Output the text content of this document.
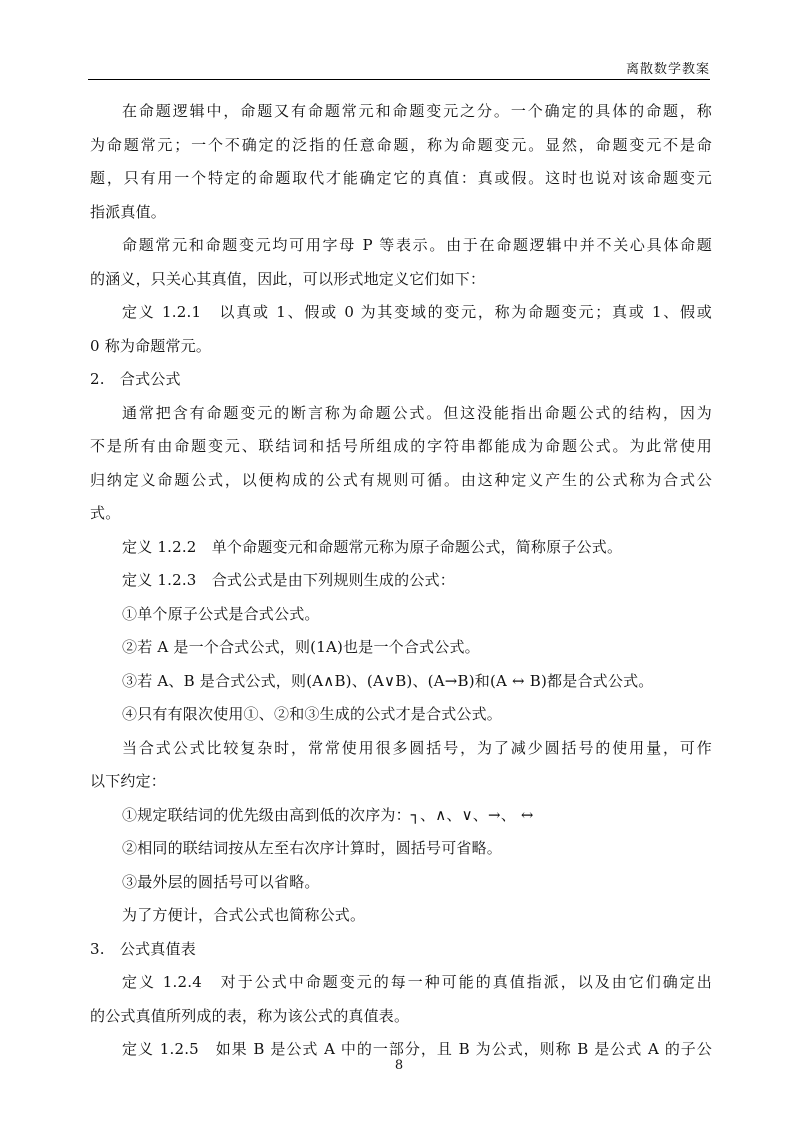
离散数学教案
在命题逻辑中，命题又有命题常元和命题变元之分。一个确定的具体的命题，称
为命题常元；一个不确定的泛指的任意命题，称为命题变元。显然，命题变元不是命
题，只有用一个特定的命题取代才能确定它的真值：真或假。这时也说对该命题变元
指派真值。
命题常元和命题变元均可用字母 P 等表示。由于在命题逻辑中并不关心具体命题
的涵义，只关心其真值，因此，可以形式地定义它们如下：
定义 1.2.1　以真或 1、假或 0 为其变域的变元，称为命题变元；真或 1、假或
0 称为命题常元。
2.　合式公式
通常把含有命题变元的断言称为命题公式。但这没能指出命题公式的结构，因为
不是所有由命题变元、联结词和括号所组成的字符串都能成为命题公式。为此常使用
归纳定义命题公式，以便构成的公式有规则可循。由这种定义产生的公式称为合式公
式。
定义 1.2.2　单个命题变元和命题常元称为原子命题公式，简称原子公式。
定义 1.2.3　合式公式是由下列规则生成的公式：
①单个原子公式是合式公式。
②若 A 是一个合式公式，则(1A)也是一个合式公式。
③若 A、B 是合式公式，则(A∧B)、(A∨B)、(A→B)和(A ↔ B)都是合式公式。
④只有有限次使用①、②和③生成的公式才是合式公式。
当合式公式比较复杂时，常常使用很多圆括号，为了减少圆括号的使用量，可作
以下约定：
①规定联结词的优先级由高到低的次序为：┐、∧、∨、→、 ↔
②相同的联结词按从左至右次序计算时，圆括号可省略。
③最外层的圆括号可以省略。
为了方便计，合式公式也简称公式。
3.　公式真值表
定义 1.2.4　对于公式中命题变元的每一种可能的真值指派，以及由它们确定出
的公式真值所列成的表，称为该公式的真值表。
定义 1.2.5　如果 B 是公式 A 中的一部分，且 B 为公式，则称 B 是公式 A 的子公
8
